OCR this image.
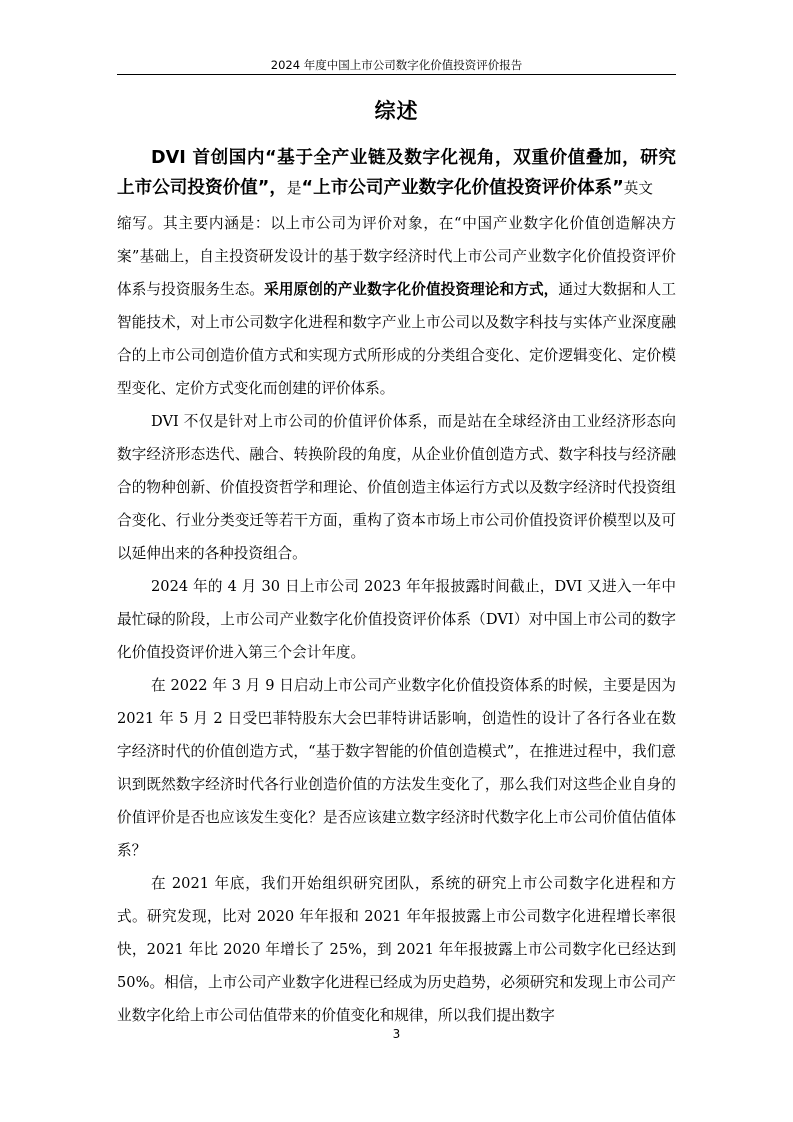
2024 年度中国上市公司数字化价值投资评价报告
综述

DVI 首创国内“基于全产业链及数字化视角，双重价值叠加，研究上市公司投资价值”，是“上市公司产业数字化价值投资评价体系”英文

缩写。其主要内涵是：以上市公司为评价对象，在“中国产业数字化价值创造解决方案”基础上，自主投资研发设计的基于数字经济时代上市公司产业数字化价值投资评价体系与投资服务生态。采用原创的产业数字化价值投资理论和方式，通过大数据和人工智能技术，对上市公司数字化进程和数字产业上市公司以及数字科技与实体产业深度融合的上市公司创造价值方式和实现方式所形成的分类组合变化、定价逻辑变化、定价模型变化、定价方式变化而创建的评价体系。

DVI 不仅是针对上市公司的价值评价体系，而是站在全球经济由工业经济形态向数字经济形态迭代、融合、转换阶段的角度，从企业价值创造方式、数字科技与经济融合的物种创新、价值投资哲学和理论、价值创造主体运行方式以及数字经济时代投资组合变化、行业分类变迁等若干方面，重构了资本市场上市公司价值投资评价模型以及可以延伸出来的各种投资组合。

2024 年的 4 月 30 日上市公司 2023 年年报披露时间截止，DVI 又进入一年中最忙碌的阶段，上市公司产业数字化价值投资评价体系（DVI）对中国上市公司的数字化价值投资评价进入第三个会计年度。

在 2022 年 3 月 9 日启动上市公司产业数字化价值投资体系的时候，主要是因为 2021 年 5 月 2 日受巴菲特股东大会巴菲特讲话影响，创造性的设计了各行各业在数字经济时代的价值创造方式，“基于数字智能的价值创造模式”，在推进过程中，我们意识到既然数字经济时代各行业创造价值的方法发生变化了，那么我们对这些企业自身的价值评价是否也应该发生变化？是否应该建立数字经济时代数字化上市公司价值估值体系？

在 2021 年底，我们开始组织研究团队，系统的研究上市公司数字化进程和方式。研究发现，比对 2020 年年报和 2021 年年报披露上市公司数字化进程增长率很快，2021 年比 2020 年增长了 25%，到 2021 年年报披露上市公司数字化已经达到 50%。相信，上市公司产业数字化进程已经成为历史趋势，必须研究和发现上市公司产业数字化给上市公司估值带来的价值变化和规律，所以我们提出数字

3
